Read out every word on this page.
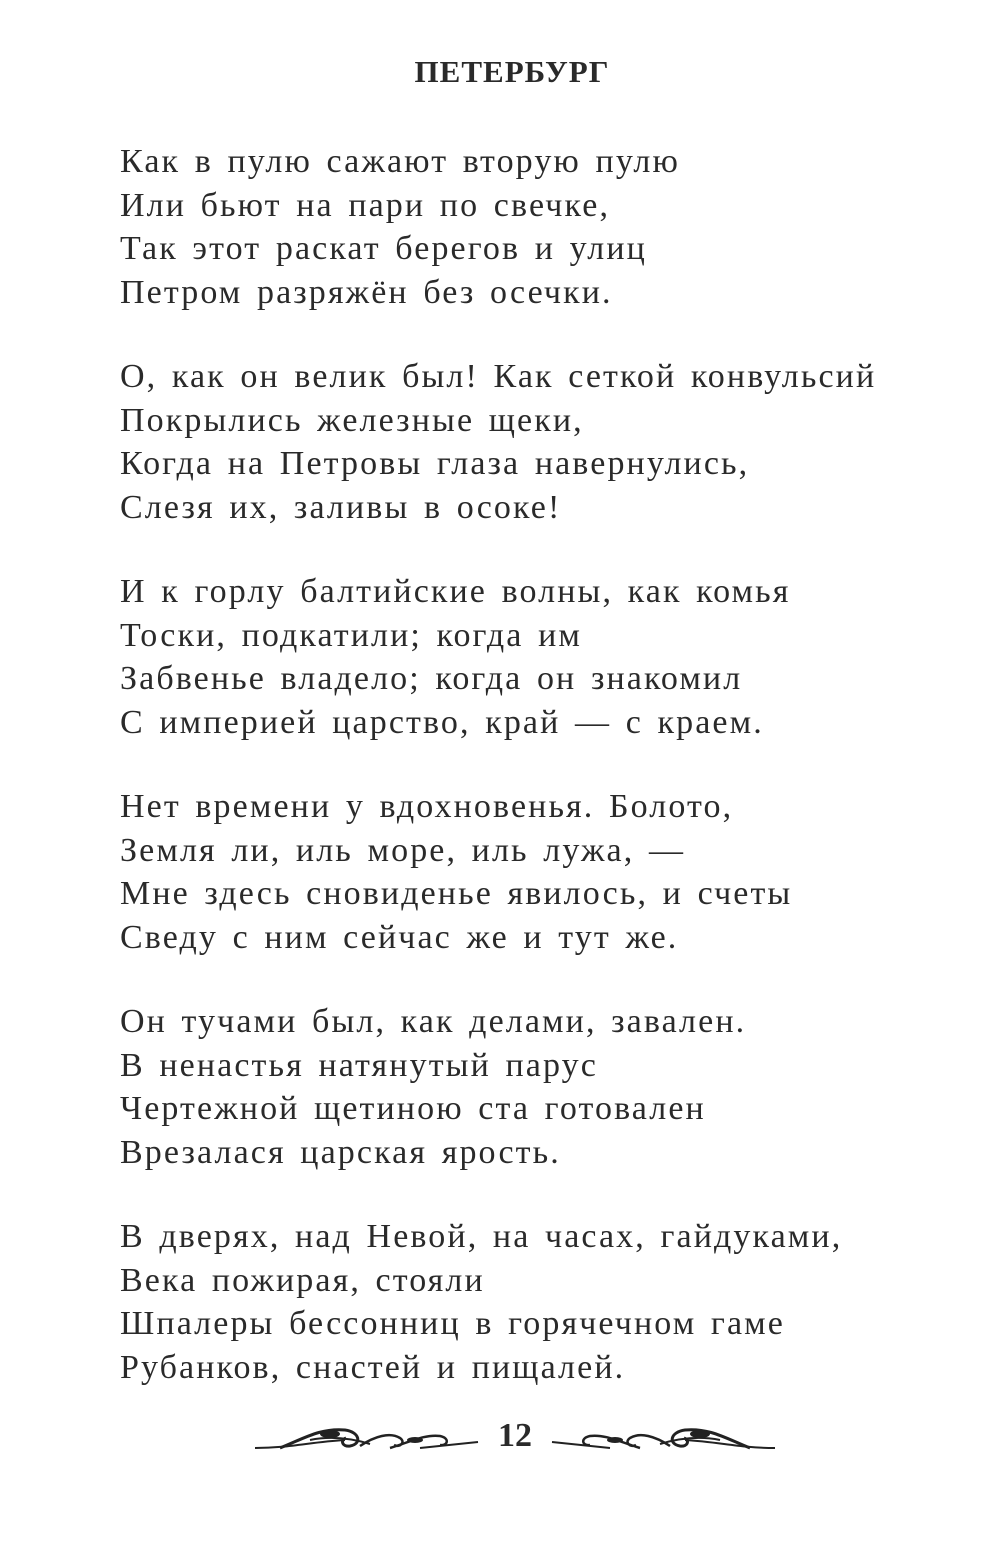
ПЕТЕРБУРГ
Как в пулю сажают вторую пулю
Или бьют на пари по свечке,
Так этот раскат берегов и улиц
Петром разряжён без осечки.
О, как он велик был! Как сеткой конвульсий
Покрылись железные щеки,
Когда на Петровы глаза навернулись,
Слезя их, заливы в осоке!
И к горлу балтийские волны, как комья
Тоски, подкатили; когда им
Забвенье владело; когда он знакомил
С империей царство, край — с краем.
Нет времени у вдохновенья. Болото,
Земля ли, иль море, иль лужа, —
Мне здесь сновиденье явилось, и счеты
Сведу с ним сейчас же и тут же.
Он тучами был, как делами, завален.
В ненастья натянутый парус
Чертежной щетиною ста готовален
Врезалася царская ярость.
В дверях, над Невой, на часах, гайдуками,
Века пожирая, стояли
Шпалеры бессонниц в горячечном гаме
Рубанков, снастей и пищалей.
12
